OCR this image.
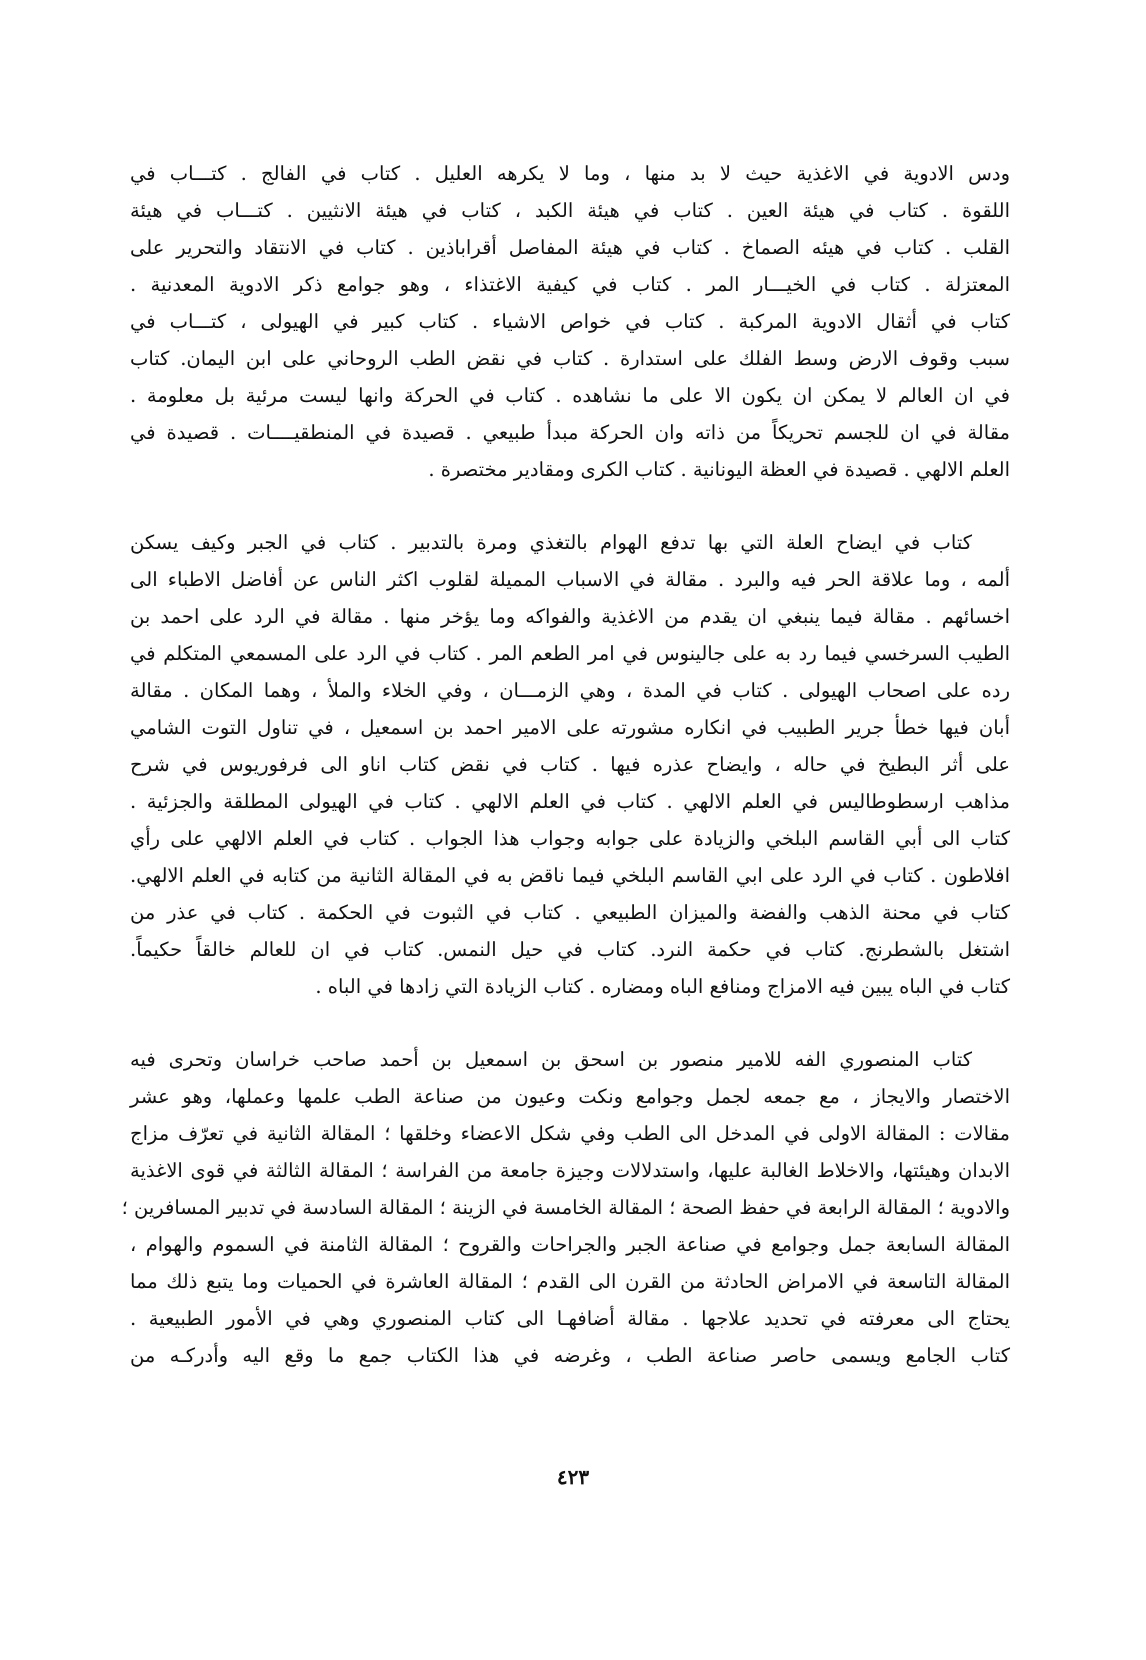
ودس الادوية في الاغذية حيث لا بد منها ، وما لا يكرهه العليل . كتاب في الفالج . كتـــاب في
اللقوة . كتاب في هيئة العين . كتاب في هيئة الكبد ، كتاب في هيئة الانثيين . كتـــاب في هيئة
القلب . كتاب في هيئه الصماخ . كتاب في هيئة المفاصل أقراباذين . كتاب في الانتقاد والتحرير على
المعتزلة . كتاب في الخيـــار المر . كتاب في كيفية الاغتذاء ، وهو جوامع ذكر الادوية المعدنية .
كتاب في أثقال الادوية المركبة . كتاب في خواص الاشياء . كتاب كبير في الهيولى ، كتـــاب في
سبب وقوف الارض وسط الفلك على استدارة . كتاب في نقض الطب الروحاني على ابن اليمان. كتاب
في ان العالم لا يمكن ان يكون الا على ما نشاهده . كتاب في الحركة وانها ليست مرئية بل معلومة .
مقالة في ان للجسم تحريكاً من ذاته وان الحركة مبدأ طبيعي . قصيدة في المنطقيــــات . قصيدة في
العلم الالهي . قصيدة في العظة اليونانية . كتاب الكرى ومقادير مختصرة .
كتاب في ايضاح العلة التي بها تدفع الهوام بالتغذي ومرة بالتدبير . كتاب في الجبر وكيف يسكن
ألمه ، وما علاقة الحر فيه والبرد . مقالة في الاسباب المميلة لقلوب اكثر الناس عن أفاضل الاطباء الى
اخسائهم . مقالة فيما ينبغي ان يقدم من الاغذية والفواكه وما يؤخر منها . مقالة في الرد على احمد بن
الطيب السرخسي فيما رد به على جالينوس في امر الطعم المر . كتاب في الرد على المسمعي المتكلم في
رده على اصحاب الهيولى . كتاب في المدة ، وهي الزمـــان ، وفي الخلاء والملأ ، وهما المكان . مقالة
أبان فيها خطأ جرير الطبيب في انكاره مشورته على الامير احمد بن اسمعيل ، في تناول التوت الشامي
على أثر البطيخ في حاله ، وايضاح عذره فيها . كتاب في نقض كتاب اناو الى فرفوريوس في شرح
مذاهب ارسطوطاليس في العلم الالهي . كتاب في العلم الالهي . كتاب في الهيولى المطلقة والجزئية .
كتاب الى أبي القاسم البلخي والزيادة على جوابه وجواب هذا الجواب . كتاب في العلم الالهي على رأي
افلاطون . كتاب في الرد على ابي القاسم البلخي فيما ناقض به في المقالة الثانية من كتابه في العلم الالهي.
كتاب في محنة الذهب والفضة والميزان الطبيعي . كتاب في الثبوت في الحكمة . كتاب في عذر من
اشتغل بالشطرنج. كتاب في حكمة النرد. كتاب في حيل النمس. كتاب في ان للعالم خالقاً حكيماً.
كتاب في الباه يبين فيه الامزاج ومنافع الباه ومضاره . كتاب الزيادة التي زادها في الباه .
كتاب المنصوري الفه للامير منصور بن اسحق بن اسمعيل بن أحمد صاحب خراسان وتحرى فيه
الاختصار والايجاز ، مع جمعه لجمل وجوامع ونكت وعيون من صناعة الطب علمها وعملها، وهو عشر
مقالات : المقالة الاولى في المدخل الى الطب وفي شكل الاعضاء وخلقها ؛ المقالة الثانية في تعرّف مزاج
الابدان وهيئتها، والاخلاط الغالبة عليها، واستدلالات وجيزة جامعة من الفراسة ؛ المقالة الثالثة في قوى الاغذية
والادوية ؛ المقالة الرابعة في حفظ الصحة ؛ المقالة الخامسة في الزينة ؛ المقالة السادسة في تدبير المسافرين ؛
المقالة السابعة جمل وجوامع في صناعة الجبر والجراحات والقروح ؛ المقالة الثامنة في السموم والهوام ،
المقالة التاسعة في الامراض الحادثة من القرن الى القدم ؛ المقالة العاشرة في الحميات وما يتبع ذلك مما
يحتاج الى معرفته في تحديد علاجها . مقالة أضافهـا الى كتاب المنصوري وهي في الأمور الطبيعية .
كتاب الجامع ويسمى حاصر صناعة الطب ، وغرضه في هذا الكتاب جمع ما وقع اليه وأدركـه من
٤٢٣
